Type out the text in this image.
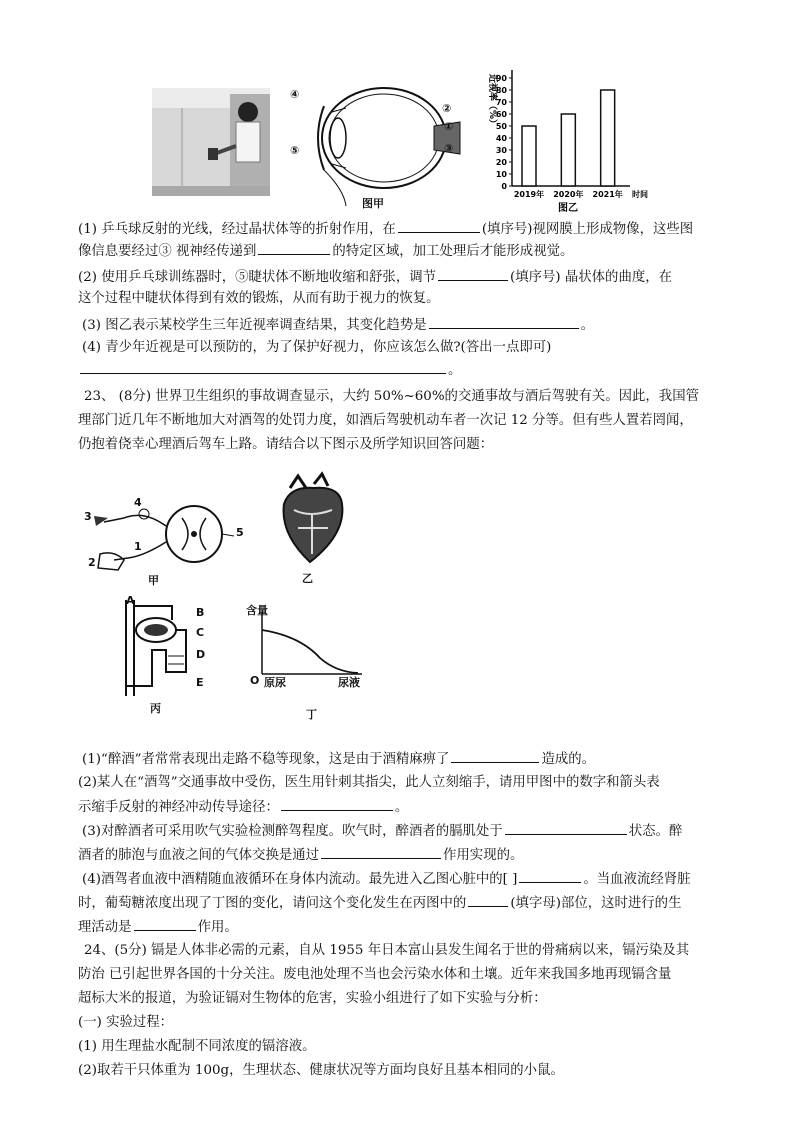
④
②
①
⑤	③
图甲
90
80
70
60
50
40
30
20
10
0
近视率（%）
2019年 2020年 2021年 时间
图乙
(1) 乒乓球反射的光线，经过晶状体等的折射作用，在	(填序号)视网膜上形成物像，这些图
像信息要经过③ 视神经传递到	的特定区域，加工处理后才能形成视觉。
(2) 使用乒乓球训练器时，⑤睫状体不断地收缩和舒张，调节	(填序号) 晶状体的曲度，在
这个过程中睫状体得到有效的锻炼，从而有助于视力的恢复。
(3) 图乙表示某校学生三年近视率调查结果，其变化趋势是	。
(4) 青少年近视是可以预防的，为了保护好视力，你应该怎么做?(答出一点即可)
。
23、 (8分) 世界卫生组织的事故调查显示，大约 50%~60%的交通事故与酒后驾驶有关。因此，我国管
理部门近几年不断地加大对酒驾的处罚力度，如酒后驾驶机动车者一次记 12 分等。但有些人置若罔闻，
仍抱着侥幸心理酒后驾车上路。请结合以下图示及所学知识回答问题：
3
4
2
1
5
甲	乙
A
B
C
D
E
丙
含量
O 原尿	尿液
丁
(1)“醉酒”者常常表现出走路不稳等现象，这是由于酒精麻痹了	造成的。
(2)某人在“酒驾”交通事故中受伤，医生用针刺其指尖，此人立刻缩手，请用甲图中的数字和箭头表
示缩手反射的神经冲动传导途径：	。
(3)对醉酒者可采用吹气实验检测醉驾程度。吹气时，醉酒者的膈肌处于	状态。醉
酒者的肺泡与血液之间的气体交换是通过	作用实现的。
(4)酒驾者血液中酒精随血液循环在身体内流动。最先进入乙图心脏中的[ ]	。当血液流经肾脏
时，葡萄糖浓度出现了丁图的变化，请问这个变化发生在丙图中的	(填字母)部位，这时进行的生
理活动是	作用。
24、(5分) 镉是人体非必需的元素，自从 1955 年日本富山县发生闻名于世的骨痛病以来，镉污染及其
防治 已引起世界各国的十分关注。废电池处理不当也会污染水体和土壤。近年来我国多地再现镉含量
超标大米的报道，为验证镉对生物体的危害，实验小组进行了如下实验与分析：
(一) 实验过程：
(1) 用生理盐水配制不同浓度的镉溶液。
(2)取若干只体重为 100g，生理状态、健康状况等方面均良好且基本相同的小鼠。
